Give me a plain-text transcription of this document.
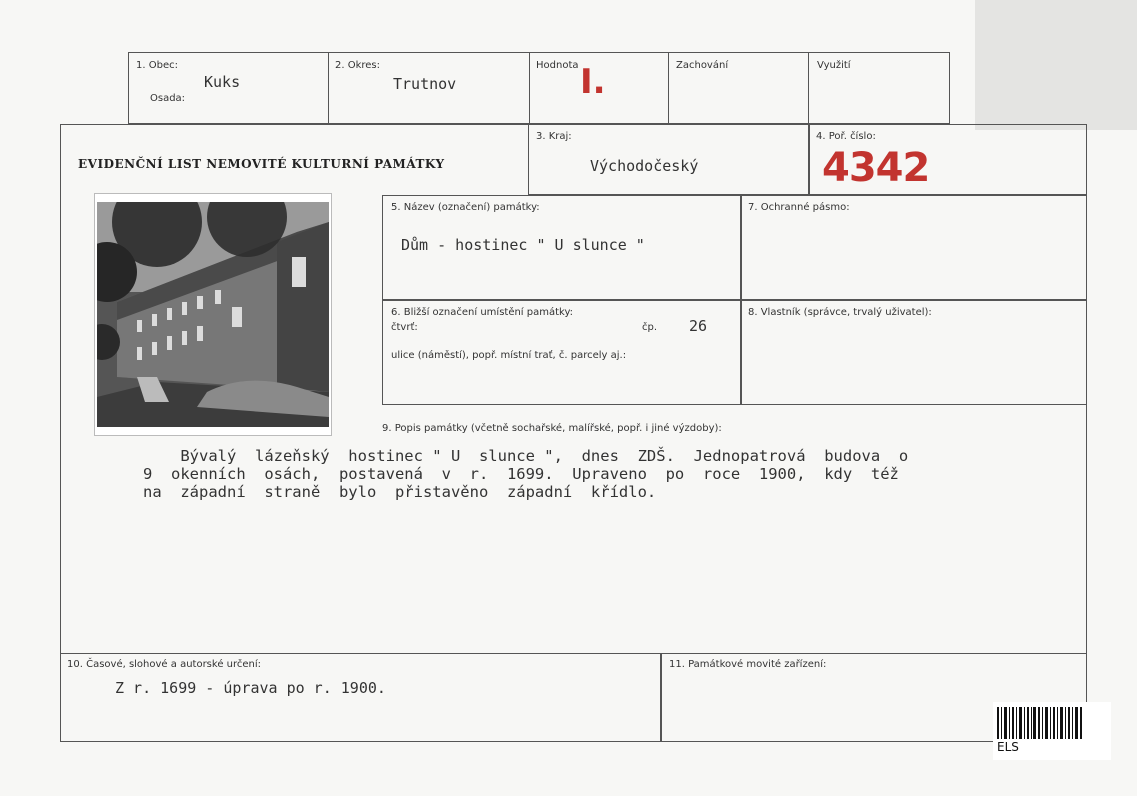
1. Obec:
Kuks
Osada:
2. Okres:
Trutnov
Hodnota I.	Zachování	Využití
EVIDENČNÍ LIST NEMOVITÉ KULTURNÍ PAMÁTKY
3. Kraj:
Východočeský
4. Poř. číslo:
4342
5. Název (označení) památky:
Dům - hostinec " U slunce "
7. Ochranné pásmo:
6. Bližší označení umístění památky:
čtvrť:	čp. 26
ulice (náměstí), popř. místní trať, č. parcely aj.:
8. Vlastník (správce, trvalý uživatel):
9. Popis památky (včetně sochařské, malířské, popř. i jiné výzdoby):
Bývalý  lázeňský  hostinec " U  slunce ",  dnes  ZDŠ.  Jednopatrová  budova  o
9  okenních  osách,  postavená  v  r.  1699.  Upraveno  po  roce  1900,  kdy  též
na  západní  straně  bylo  přistavěno  západní  křídlo.
10. Časové, slohové a autorské určení:
Z r. 1699 - úprava po r. 1900.
11. Památkové movité zařízení:
ELS
